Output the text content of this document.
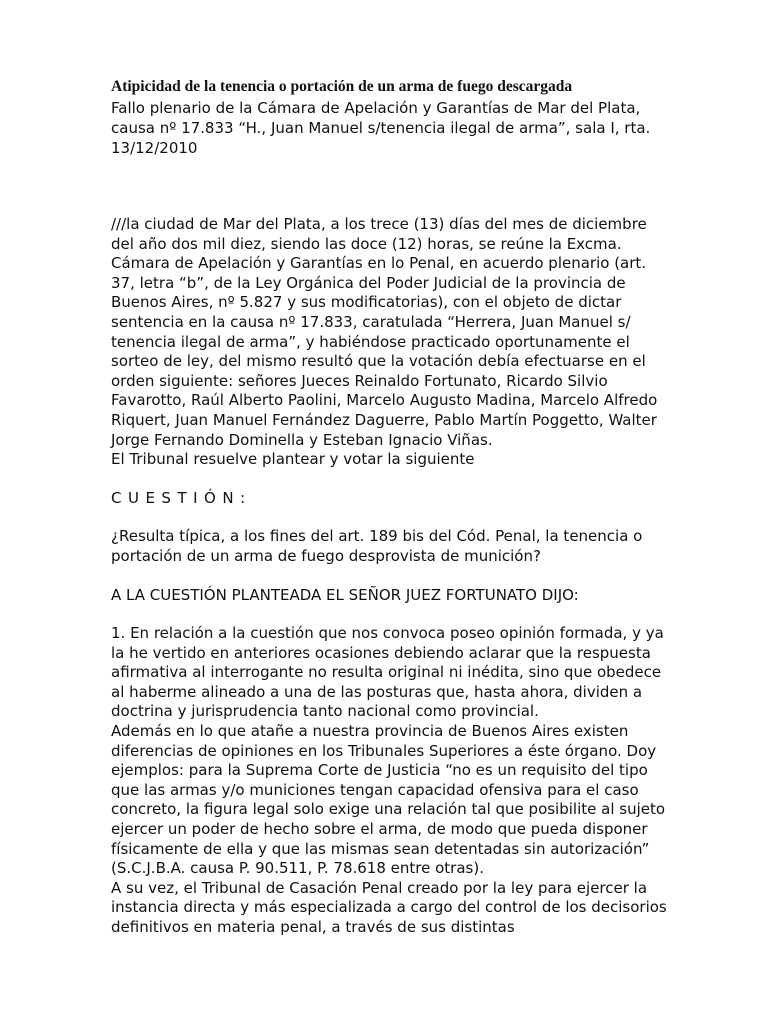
Atipicidad de la tenencia o portación de un arma de fuego descargada

Fallo plenario de la Cámara de Apelación y Garantías de Mar del Plata, causa nº 17.833 “H., Juan Manuel s/tenencia ilegal de arma”, sala I, rta. 13/12/2010

///la ciudad de Mar del Plata, a los trece (13) días del mes de diciembre del año dos mil diez, siendo las doce (12) horas, se reúne la Excma. Cámara de Apelación y Garantías en lo Penal, en acuerdo plenario (art. 37, letra “b”, de la Ley Orgánica del Poder Judicial de la provincia de Buenos Aires, nº 5.827 y sus modificatorias), con el objeto de dictar sentencia en la causa nº 17.833, caratulada “Herrera, Juan Manuel s/ tenencia ilegal de arma”, y habiéndose practicado oportunamente el sorteo de ley, del mismo resultó que la votación debía efectuarse en el orden siguiente: señores Jueces Reinaldo Fortunato, Ricardo Silvio Favarotto, Raúl Alberto Paolini, Marcelo Augusto Madina, Marcelo Alfredo Riquert, Juan Manuel Fernández Daguerre, Pablo Martín Poggetto, Walter Jorge Fernando Dominella y Esteban Ignacio Viñas.

El Tribunal resuelve plantear y votar la siguiente

CUESTIÓN:

¿Resulta típica, a los fines del art. 189 bis del Cód. Penal, la tenencia o portación de un arma de fuego desprovista de munición?

A LA CUESTIÓN PLANTEADA EL SEÑOR JUEZ FORTUNATO DIJO:

1. En relación a la cuestión que nos convoca poseo opinión formada, y ya la he vertido en anteriores ocasiones debiendo aclarar que la respuesta afirmativa al interrogante no resulta original ni inédita, sino que obedece al haberme alineado a una de las posturas que, hasta ahora, dividen a doctrina y jurisprudencia tanto nacional como provincial.

Además en lo que atañe a nuestra provincia de Buenos Aires existen diferencias de opiniones en los Tribunales Superiores a éste órgano. Doy ejemplos: para la Suprema Corte de Justicia “no es un requisito del tipo que las armas y/o municiones tengan capacidad ofensiva para el caso concreto, la figura legal solo exige una relación tal que posibilite al sujeto ejercer un poder de hecho sobre el arma, de modo que pueda disponer físicamente de ella y que las mismas sean detentadas sin autorización” (S.C.J.B.A. causa P. 90.511, P. 78.618 entre otras).

A su vez, el Tribunal de Casación Penal creado por la ley para ejercer la instancia directa y más especializada a cargo del control de los decisorios definitivos en materia penal, a través de sus distintas
